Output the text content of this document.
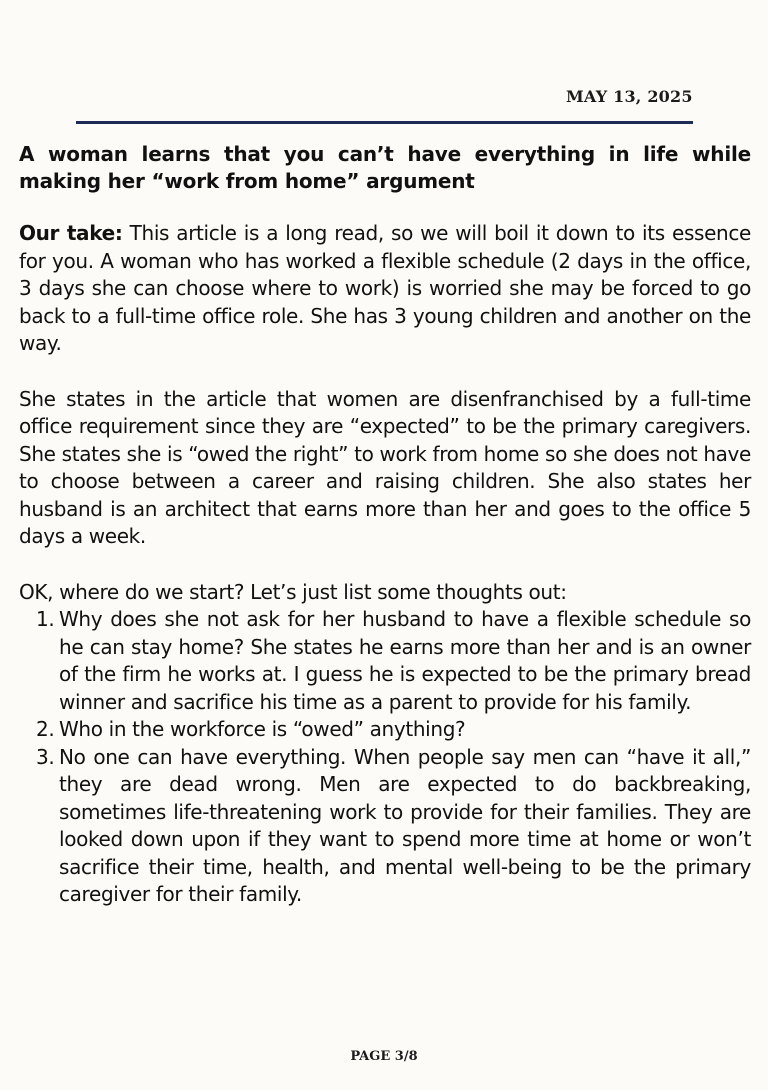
MAY 13, 2025
A woman learns that you can’t have everything in life while making her “work from home” argument

Our take: This article is a long read, so we will boil it down to its essence for you. A woman who has worked a flexible schedule (2 days in the office, 3 days she can choose where to work) is worried she may be forced to go back to a full-time office role. She has 3 young children and another on the way.

She states in the article that women are disenfranchised by a full-time office requirement since they are “expected” to be the primary caregivers. She states she is “owed the right” to work from home so she does not have to choose between a career and raising children. She also states her husband is an architect that earns more than her and goes to the office 5 days a week.

OK, where do we start? Let’s just list some thoughts out:

1. Why does she not ask for her husband to have a flexible schedule so he can stay home? She states he earns more than her and is an owner of the firm he works at. I guess he is expected to be the primary bread winner and sacrifice his time as a parent to provide for his family.
2. Who in the workforce is “owed” anything?
3. No one can have everything. When people say men can “have it all,” they are dead wrong. Men are expected to do backbreaking, sometimes life-threatening work to provide for their families. They are looked down upon if they want to spend more time at home or won’t sacrifice their time, health, and mental well-being to be the primary caregiver for their family.
PAGE 3/8
